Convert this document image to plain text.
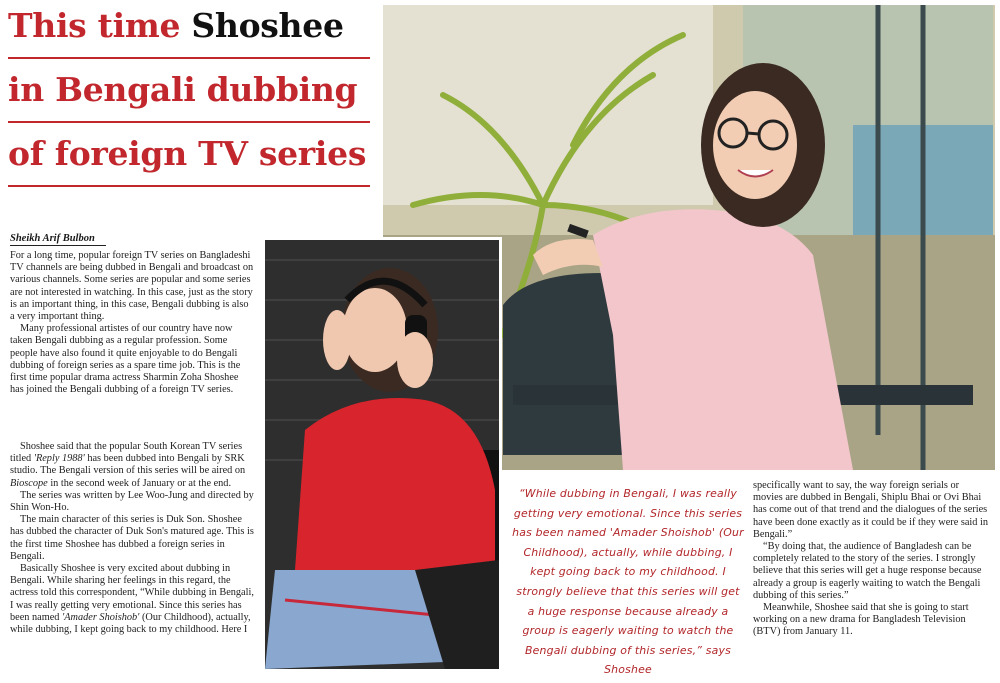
This time Shoshee
in Bengali dubbing
of foreign TV series
Sheikh Arif Bulbon

For a long time, popular foreign TV series on Bangladeshi TV channels are being dubbed in Bengali and broadcast on various channels. Some series are popular and some series are not interested in watching. In this case, just as the story is an important thing, in this case, Bengali dubbing is also a very important thing.

Many professional artistes of our country have now taken Bengali dubbing as a regular profession. Some people have also found it quite enjoyable to do Bengali dubbing of foreign series as a spare time job. This is the first time popular drama actress Sharmin Zoha Shoshee has joined the Bengali dubbing of a foreign TV series.

Shoshee said that the popular South Korean TV series titled 'Reply 1988' has been dubbed into Bengali by SRK studio. The Bengali version of this series will be aired on Bioscope in the second week of January or at the end.

The series was written by Lee Woo-Jung and directed by Shin Won-Ho.

The main character of this series is Duk Son. Shoshee has dubbed the character of Duk Son's matured age. This is the first time Shoshee has dubbed a foreign series in Bengali.

Basically Shoshee is very excited about dubbing in Bengali. While sharing her feelings in this regard, the actress told this correspondent, “While dubbing in Bengali, I was really getting very emotional. Since this series has been named 'Amader Shoishob' (Our Childhood), actually, while dubbing, I kept going back to my childhood. Here I

“While dubbing in Bengali, I was really getting very emotional. Since this series has been named 'Amader Shoishob' (Our Childhood), actually, while dubbing, I kept going back to my childhood. I strongly believe that this series will get a huge response because already a group is eagerly waiting to watch the Bengali dubbing of this series,” says Shoshee

specifically want to say, the way foreign serials or movies are dubbed in Bengali, Shiplu Bhai or Ovi Bhai has come out of that trend and the dialogues of the series have been done exactly as it could be if they were said in Bengali.”

“By doing that, the audience of Bangladesh can be completely related to the story of the series. I strongly believe that this series will get a huge response because already a group is eagerly waiting to watch the Bengali dubbing of this series.”

Meanwhile, Shoshee said that she is going to start working on a new drama for Bangladesh Television (BTV) from January 11.
